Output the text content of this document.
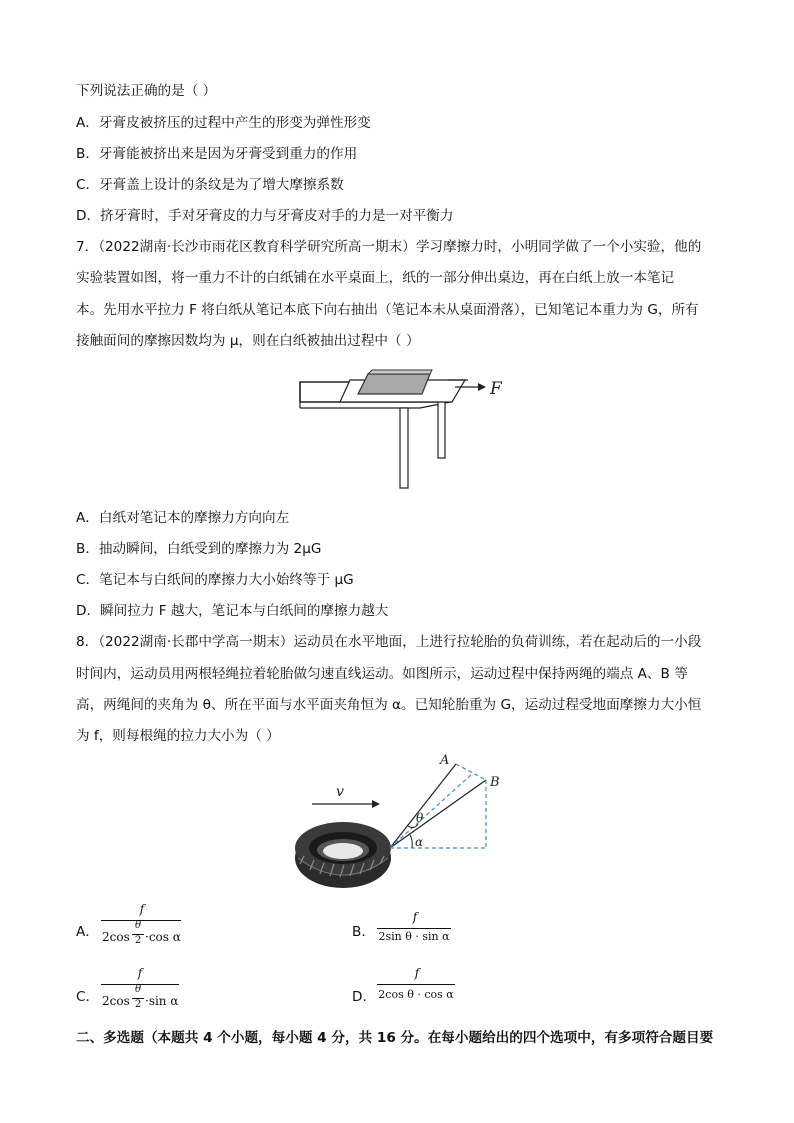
下列说法正确的是（ ）
A．牙膏皮被挤压的过程中产生的形变为弹性形变
B．牙膏能被挤出来是因为牙膏受到重力的作用
C．牙膏盖上设计的条纹是为了增大摩擦系数
D．挤牙膏时，手对牙膏皮的力与牙膏皮对手的力是一对平衡力
7．（2022湖南·长沙市雨花区教育科学研究所高一期末）学习摩擦力时，小明同学做了一个小实验，他的
实验装置如图，将一重力不计的白纸铺在水平桌面上，纸的一部分伸出桌边，再在白纸上放一本笔记
本。先用水平拉力 F 将白纸从笔记本底下向右抽出（笔记本未从桌面滑落），已知笔记本重力为 G，所有
接触面间的摩擦因数均为 μ，则在白纸被抽出过程中（ ）
F
A．白纸对笔记本的摩擦力方向向左
B．抽动瞬间，白纸受到的摩擦力为 2μG
C．笔记本与白纸间的摩擦力大小始终等于 μG
D．瞬间拉力 F 越大，笔记本与白纸间的摩擦力越大
8．（2022湖南·长郡中学高一期末）运动员在水平地面，上进行拉轮胎的负荷训练，若在起动后的一小段
时间内，运动员用两根轻绳拉着轮胎做匀速直线运动。如图所示，运动过程中保持两绳的端点 A、B 等
高，两绳间的夹角为 θ、所在平面与水平面夹角恒为 α。已知轮胎重为 G，运动过程受地面摩擦力大小恒
为 f，则每根绳的拉力大小为（ ）
v
A
B
θ
α
A．
f
2cos
θ
2 ·cos α	B．
f
2sin θ · sin α
C．
f
2cos
θ
2 ·sin α	D．
f
2cos θ · cos α
二、多选题（本题共 4 个小题，每小题 4 分，共 16 分。在每小题给出的四个选项中，有多项符合题目要
